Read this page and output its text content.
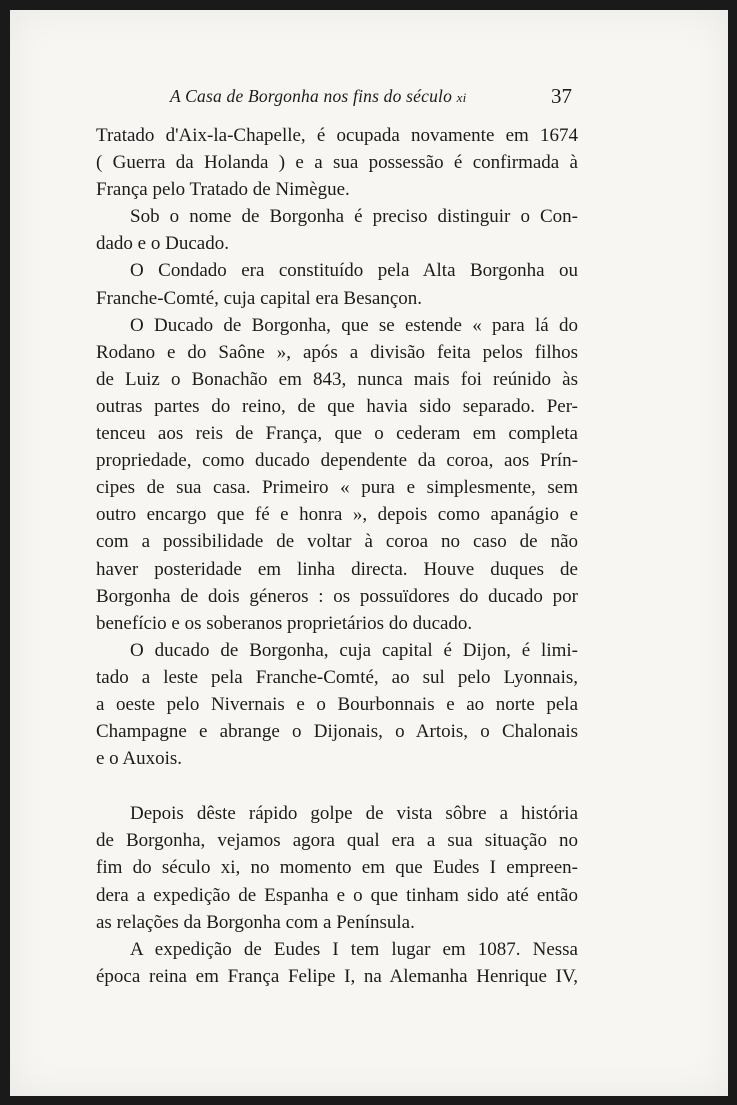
A Casa de Borgonha nos fins do século xi	37
Tratado d'Aix-la-Chapelle, é ocupada novamente em 1674
( Guerra da Holanda ) e a sua possessão é confirmada à
França pelo Tratado de Nimègue.
Sob o nome de Borgonha é preciso distinguir o Con-
dado e o Ducado.
O Condado era constituído pela Alta Borgonha ou
Franche-Comté, cuja capital era Besançon.
O Ducado de Borgonha, que se estende « para lá do
Rodano e do Saône », após a divisão feita pelos filhos
de Luiz o Bonachão em 843, nunca mais foi reúnido às
outras partes do reino, de que havia sido separado. Per-
tenceu aos reis de França, que o cederam em completa
propriedade, como ducado dependente da coroa, aos Prín-
cipes de sua casa. Primeiro « pura e simplesmente, sem
outro encargo que fé e honra », depois como apanágio e
com a possibilidade de voltar à coroa no caso de não
haver posteridade em linha directa. Houve duques de
Borgonha de dois géneros : os possuïdores do ducado por
benefício e os soberanos proprietários do ducado.
O ducado de Borgonha, cuja capital é Dijon, é limi-
tado a leste pela Franche-Comté, ao sul pelo Lyonnais,
a oeste pelo Nivernais e o Bourbonnais e ao norte pela
Champagne e abrange o Dijonais, o Artois, o Chalonais
e o Auxois.
Depois dêste rápido golpe de vista sôbre a história
de Borgonha, vejamos agora qual era a sua situação no
fim do século xi, no momento em que Eudes I empreen-
dera a expedição de Espanha e o que tinham sido até então
as relações da Borgonha com a Península.
A expedição de Eudes I tem lugar em 1087. Nessa
época reina em França Felipe I, na Alemanha Henrique IV,
